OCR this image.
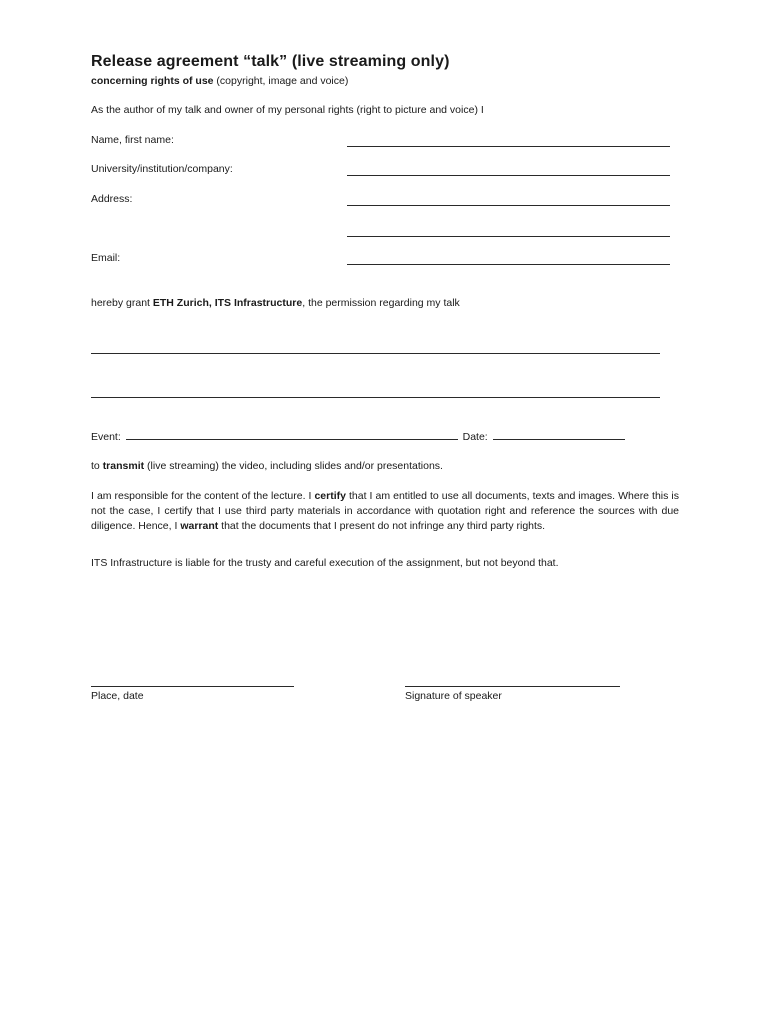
Release agreement “talk” (live streaming only)
concerning rights of use (copyright, image and voice)
As the author of my talk and owner of my personal rights (right to picture and voice) I
Name, first name:
University/institution/company:
Address:
Email:
hereby grant ETH Zurich, ITS Infrastructure, the permission regarding my talk
Event:	Date:
to transmit (live streaming) the video, including slides and/or presentations.
I am responsible for the content of the lecture. I certify that I am entitled to use all documents, texts and images. Where this is not the case, I certify that I use third party materials in accordance with quotation right and reference the sources with due diligence. Hence, I warrant that the documents that I present do not infringe any third party rights.
ITS Infrastructure is liable for the trusty and careful execution of the assignment, but not beyond that.
Place, date	Signature of speaker
